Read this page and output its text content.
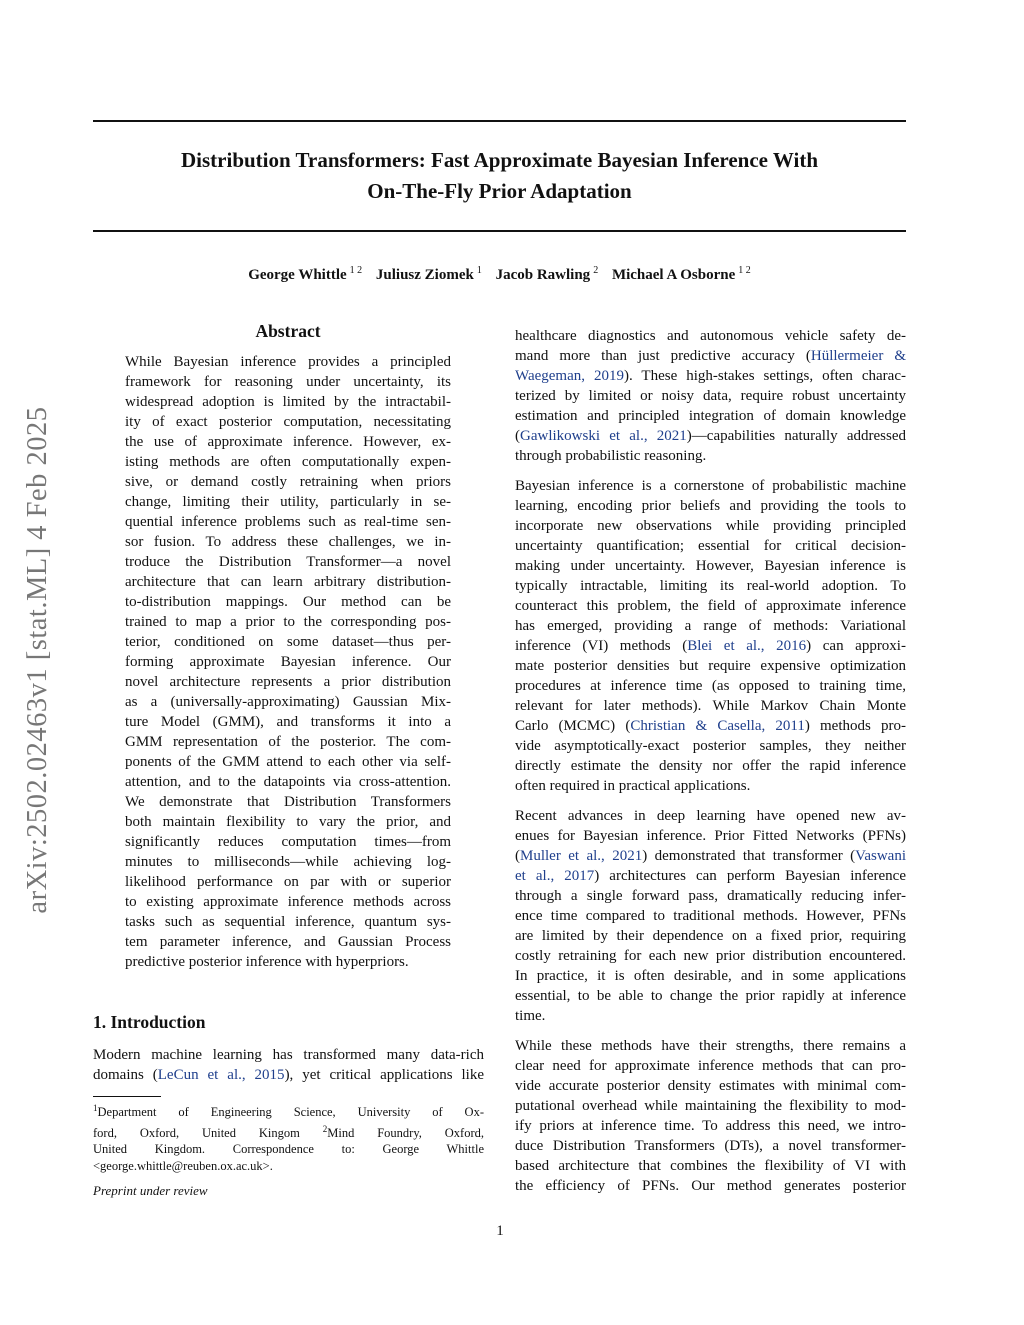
arXiv:2502.02463v1 [stat.ML] 4 Feb 2025
Distribution Transformers: Fast Approximate Bayesian Inference With
On-The-Fly Prior Adaptation
George Whittle $^{1 2}$ Juliusz Ziomek $^1$ Jacob Rawling $^2$ Michael A Osborne $^{1 2}$
Abstract
While Bayesian inference provides a principled
framework for reasoning under uncertainty, its
widespread adoption is limited by the intractabil-
ity of exact posterior computation, necessitating
the use of approximate inference. However, ex-
isting methods are often computationally expen-
sive, or demand costly retraining when priors
change, limiting their utility, particularly in se-
quential inference problems such as real-time sen-
sor fusion. To address these challenges, we in-
troduce the Distribution Transformer—a novel
architecture that can learn arbitrary distribution-
to-distribution mappings. Our method can be
trained to map a prior to the corresponding pos-
terior, conditioned on some dataset—thus per-
forming approximate Bayesian inference. Our
novel architecture represents a prior distribution
as a (universally-approximating) Gaussian Mix-
ture Model (GMM), and transforms it into a
GMM representation of the posterior. The com-
ponents of the GMM attend to each other via self-
attention, and to the datapoints via cross-attention.
We demonstrate that Distribution Transformers
both maintain flexibility to vary the prior, and
significantly reduces computation times—from
minutes to milliseconds—while achieving log-
likelihood performance on par with or superior
to existing approximate inference methods across
tasks such as sequential inference, quantum sys-
tem parameter inference, and Gaussian Process
predictive posterior inference with hyperpriors.
1. Introduction
Modern machine learning has transformed many data-rich
domains (LeCun et al., 2015), yet critical applications like
$^1$Department of Engineering Science, University of Ox-
ford, Oxford, United Kingom $^2$Mind Foundry, Oxford,
United Kingdom. Correspondence to: George Whittle
<george.whittle@reuben.ox.ac.uk>.
Preprint under review
healthcare diagnostics and autonomous vehicle safety de-
mand more than just predictive accuracy (Hüllermeier &
Waegeman, 2019). These high-stakes settings, often charac-
terized by limited or noisy data, require robust uncertainty
estimation and principled integration of domain knowledge
(Gawlikowski et al., 2021)—capabilities naturally addressed
through probabilistic reasoning.
Bayesian inference is a cornerstone of probabilistic machine
learning, encoding prior beliefs and providing the tools to
incorporate new observations while providing principled
uncertainty quantification; essential for critical decision-
making under uncertainty. However, Bayesian inference is
typically intractable, limiting its real-world adoption. To
counteract this problem, the field of approximate inference
has emerged, providing a range of methods: Variational
inference (VI) methods (Blei et al., 2016) can approxi-
mate posterior densities but require expensive optimization
procedures at inference time (as opposed to training time,
relevant for later methods). While Markov Chain Monte
Carlo (MCMC) (Christian & Casella, 2011) methods pro-
vide asymptotically-exact posterior samples, they neither
directly estimate the density nor offer the rapid inference
often required in practical applications.
Recent advances in deep learning have opened new av-
enues for Bayesian inference. Prior Fitted Networks (PFNs)
(Muller et al., 2021) demonstrated that transformer (Vaswani
et al., 2017) architectures can perform Bayesian inference
through a single forward pass, dramatically reducing infer-
ence time compared to traditional methods. However, PFNs
are limited by their dependence on a fixed prior, requiring
costly retraining for each new prior distribution encountered.
In practice, it is often desirable, and in some applications
essential, to be able to change the prior rapidly at inference
time.
While these methods have their strengths, there remains a
clear need for approximate inference methods that can pro-
vide accurate posterior density estimates with minimal com-
putational overhead while maintaining the flexibility to mod-
ify priors at inference time. To address this need, we intro-
duce Distribution Transformers (DTs), a novel transformer-
based architecture that combines the flexibility of VI with
the efficiency of PFNs. Our method generates posterior
1
